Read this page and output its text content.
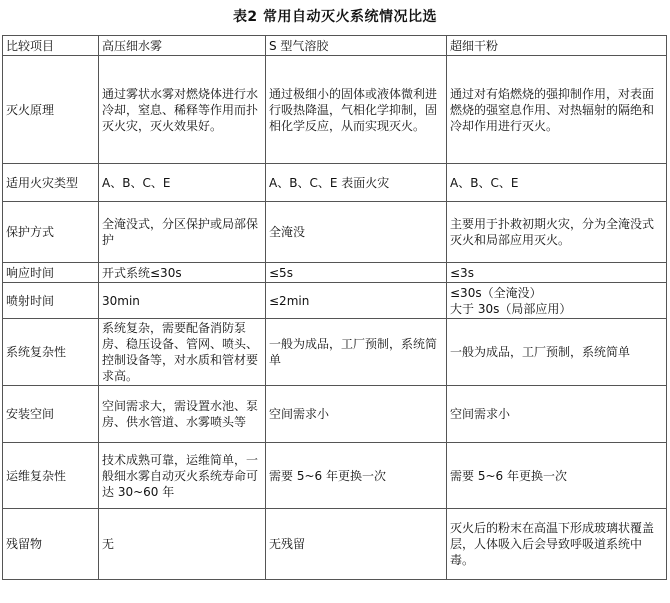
表2 常用自动灭火系统情况比选
比较项目	高压细水雾	S 型气溶胶	超细干粉
灭火原理	通过雾状水雾对燃烧体进行水冷却，窒息、稀释等作用而扑灭火灾，灭火效果好。	通过极细小的固体或液体微利进行吸热降温，气相化学抑制，固相化学反应，从而实现灭火。	通过对有焰燃烧的强抑制作用，对表面燃烧的强窒息作用、对热辐射的隔绝和冷却作用进行灭火。
适用火灾类型	A、B、C、E	A、B、C、E 表面火灾	A、B、C、E
保护方式	全淹没式，分区保护或局部保护	全淹没	主要用于扑救初期火灾，分为全淹没式灭火和局部应用灭火。
响应时间	开式系统≤30s	≤5s	≤3s
喷射时间	30min	≤2min	≤30s（全淹没）
大于 30s（局部应用）

系统复杂性	系统复杂，需要配备消防泵房、稳压设备、管网、喷头、控制设备等，对水质和管材要求高。	一般为成品，工厂预制，系统简单	一般为成品，工厂预制，系统简单
安装空间	空间需求大，需设置水池、泵房、供水管道、水雾喷头等	空间需求小	空间需求小
运维复杂性	技术成熟可靠，运维简单，一般细水雾自动灭火系统寿命可达 30~60 年	需要 5~6 年更换一次	需要 5~6 年更换一次
残留物	无	无残留	灭火后的粉末在高温下形成玻璃状覆盖层，人体吸入后会导致呼吸道系统中毒。
